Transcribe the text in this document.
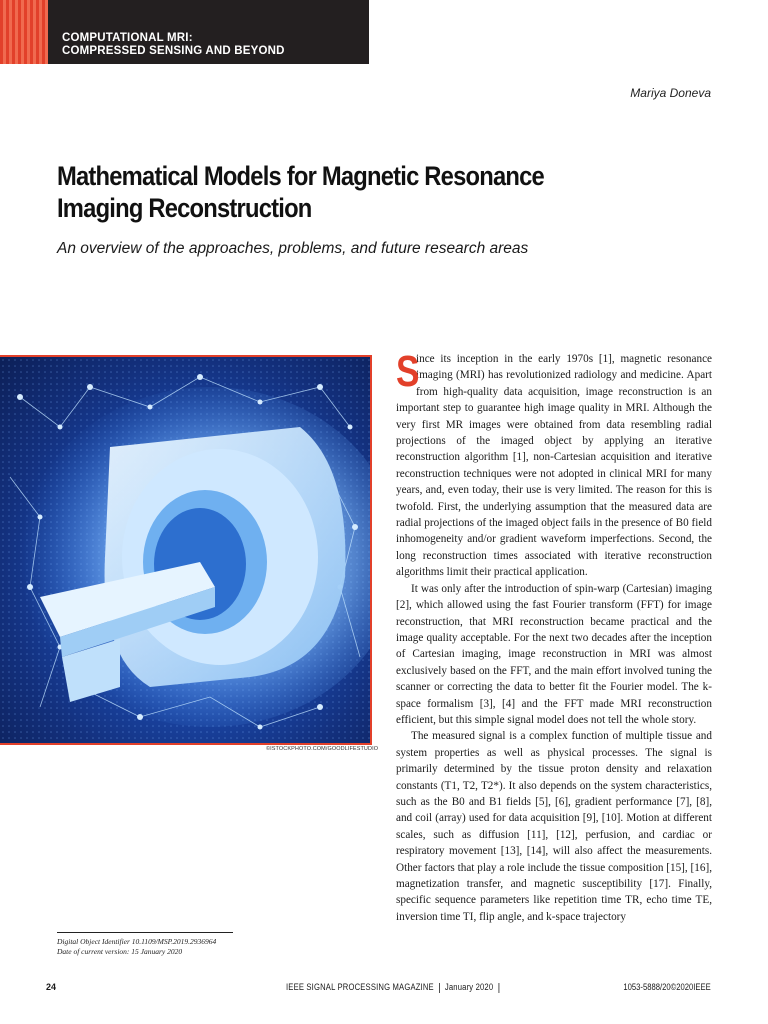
COMPUTATIONAL MRI:
COMPRESSED SENSING AND BEYOND
Mariya Doneva
Mathematical Models for Magnetic Resonance
Imaging Reconstruction
An overview of the approaches, problems, and future research areas
©ISTOCKPHOTO.COM/GOODLIFESTUDIO

S
ince its inception in the early 1970s [1], magnetic resonance imaging (MRI) has revolutionized radiology and medicine. Apart from high-quality data acquisition, image reconstruction is an important step to guarantee high image quality in MRI. Although the very first MR images were obtained from data resembling radial projections of the imaged object by applying an iterative reconstruction algorithm [1], non-Cartesian acquisition and iterative reconstruction techniques were not adopted in clinical MRI for many years, and, even today, their use is very limited. The reason for this is twofold. First, the underlying assumption that the measured data are radial projections of the imaged object fails in the presence of B0 field inhomogeneity and/or gradient waveform imperfections. Second, the long reconstruction times associated with iterative reconstruction algorithms limit their practical application.

It was only after the introduction of spin-warp (Cartesian) imaging [2], which allowed using the fast Fourier transform (FFT) for image reconstruction, that MRI reconstruction became practical and the image quality acceptable. For the next two decades after the inception of Cartesian imaging, image reconstruction in MRI was almost exclusively based on the FFT, and the main effort involved tuning the scanner or correcting the data to better fit the Fourier model. The k-space formalism [3], [4] and the FFT made MRI reconstruction efficient, but this simple signal model does not tell the whole story.

The measured signal is a complex function of multiple tissue and system properties as well as physical processes. The signal is primarily determined by the tissue proton density and relaxation constants (T1, T2, T2*). It also depends on the system characteristics, such as the B0 and B1 fields [5], [6], gradient performance [7], [8], and coil (array) used for data acquisition [9], [10]. Motion at different scales, such as diffusion [11], [12], perfusion, and cardiac or respiratory movement [13], [14], will also affect the measurements. Other factors that play a role include the tissue composition [15], [16], magnetization transfer, and magnetic susceptibility [17]. Finally, specific sequence parameters like repetition time TR, echo time TE, inversion time TI, flip angle, and k-space trajectory

Digital Object Identifier 10.1109/MSP.2019.2936964
Date of current version: 15 January 2020
24	IEEE SIGNAL PROCESSING MAGAZINE January 2020	1053-5888/20©2020IEEE
